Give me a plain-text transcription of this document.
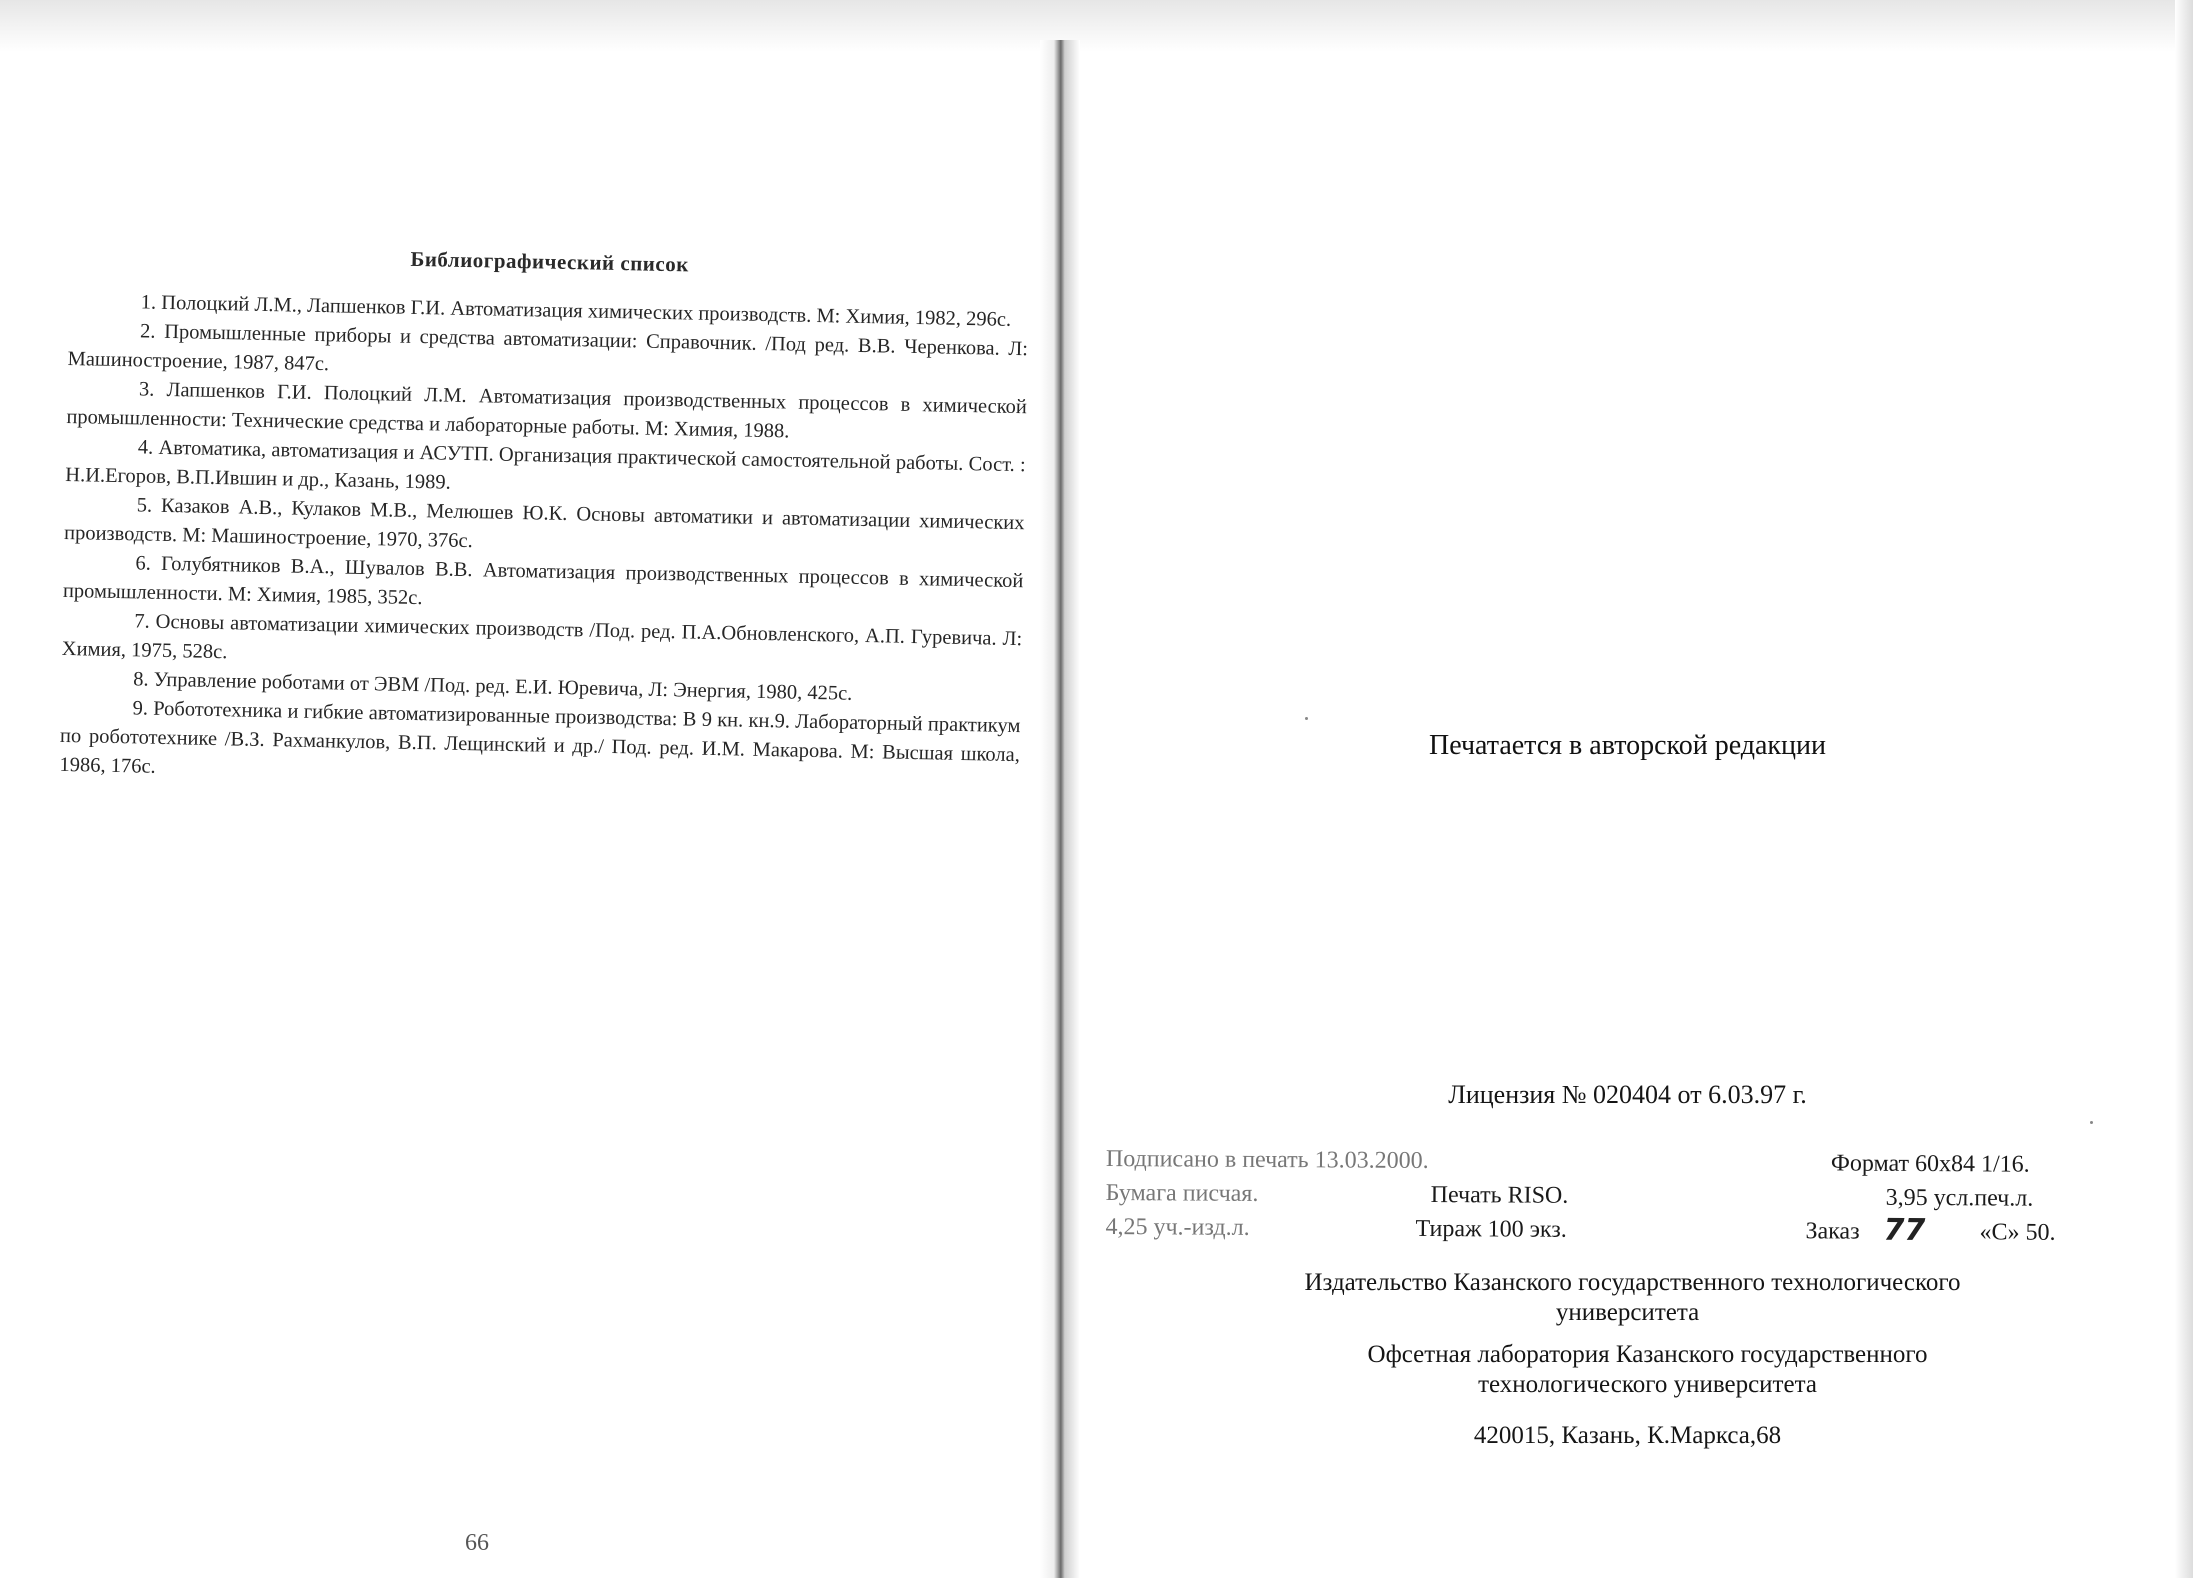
Библиографический список

1. Полоцкий Л.М., Лапшенков Г.И. Автоматизация химических производств. М: Химия, 1982, 296с.

2. Промышленные приборы и средства автоматизации: Справочник. /Под ред. В.В. Черенкова. Л: Машиностроение, 1987, 847с.

3. Лапшенков Г.И. Полоцкий Л.М. Автоматизация производственных процессов в химической промышленности: Технические средства и лабораторные работы. М: Химия, 1988.

4. Автоматика, автоматизация и АСУТП. Организация практической самостоятельной работы. Сост. : Н.И.Егоров, В.П.Ившин и др., Казань, 1989.

5. Казаков А.В., Кулаков М.В., Мелюшев Ю.К. Основы автоматики и автоматизации химических производств. М: Машиностроение, 1970, 376с.

6. Голубятников В.А., Шувалов В.В. Автоматизация производственных процессов в химической промышленности. М: Химия, 1985, 352с.

7. Основы автоматизации химических производств /Под. ред. П.А.Обновленского, А.П. Гуревича. Л: Химия, 1975, 528с.

8. Управление роботами от ЭВМ /Под. ред. Е.И. Юревича, Л: Энергия, 1980, 425с.

9. Робототехника и гибкие автоматизированные производства: В 9 кн. кн.9. Лабораторный практикум по робототехнике /В.З. Рахманкулов, В.П. Лещинский и др./ Под. ред. И.М. Макарова. М: Высшая школа, 1986, 176с.

66
Печатается в авторской редакции
Лицензия № 020404 от 6.03.97 г.
Подписано в печать 13.03.2000.	Формат 60х84 1/16.
Бумага писчая.	Печать RISO.	3,95 усл.печ.л.
4,25 уч.-изд.л.	Тираж 100 экз.	Заказ 77 «С» 50.
Издательство Казанского государственного технологического
университета
Офсетная лаборатория Казанского государственного
технологического университета
420015, Казань, К.Маркса,68
